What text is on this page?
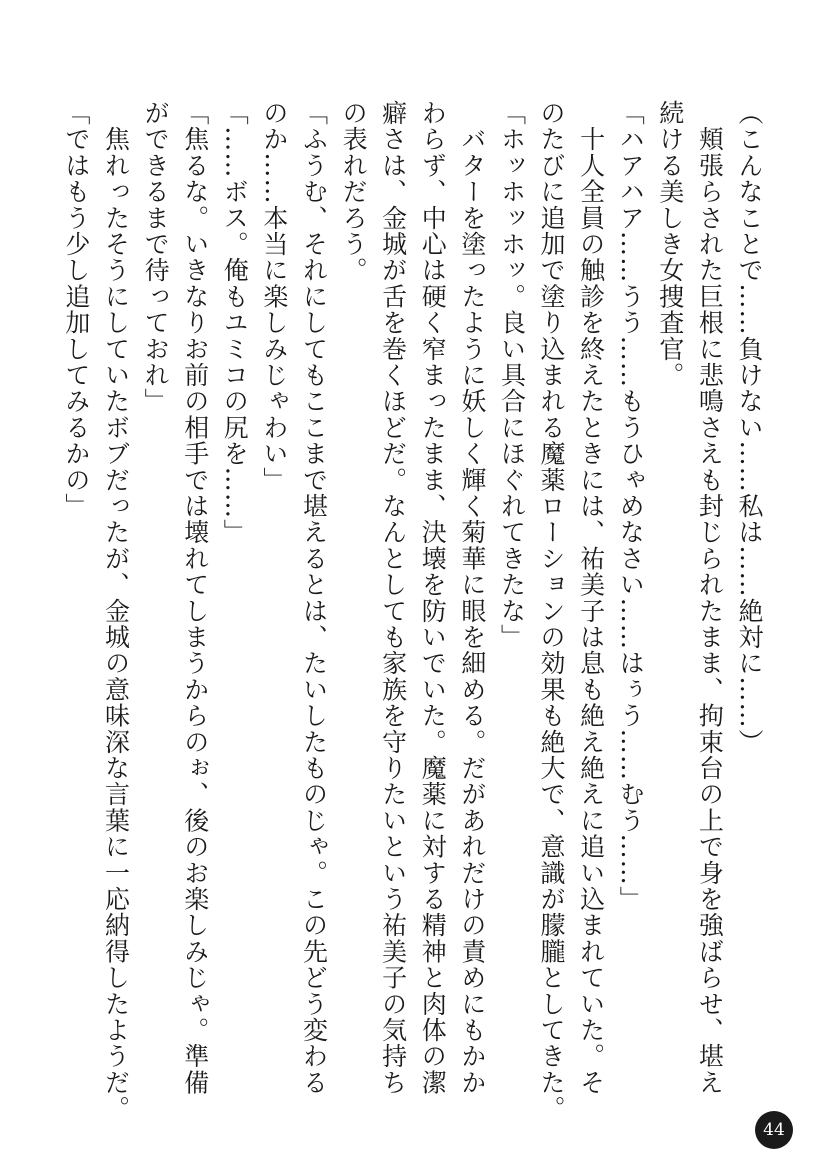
（こんなことで……負けない……私は……絶対に……）
　頬張らされた巨根に悲鳴さえも封じられたまま、拘束台の上で身を強ばらせ、堪え
続ける美しき女捜査官。
「ハアハア……うう……もうひゃめなさい……はぅう……むう……」
　十人全員の触診を終えたときには、祐美子は息も絶え絶えに追い込まれていた。そ
のたびに追加で塗り込まれる魔薬ローションの効果も絶大で、意識が朦朧としてきた。
「ホッホッホッ。良い具合にほぐれてきたな」
　バターを塗ったように妖しく輝く菊華に眼を細める。だがあれだけの責めにもかか
わらず、中心は硬く窄まったまま、決壊を防いでいた。魔薬に対する精神と肉体の潔
癖さは、金城が舌を巻くほどだ。なんとしても家族を守りたいという祐美子の気持ち
の表れだろう。
「ふうむ、それにしてもここまで堪えるとは、たいしたものじゃ。この先どう変わる
のか……本当に楽しみじゃわい」
「……ボス。俺もユミコの尻を……」
「焦るな。いきなりお前の相手では壊れてしまうからのぉ、後のお楽しみじゃ。準備
ができるまで待っておれ」
　焦れったそうにしていたボブだったが、金城の意味深な言葉に一応納得したようだ。
「ではもう少し追加してみるかの」
44
